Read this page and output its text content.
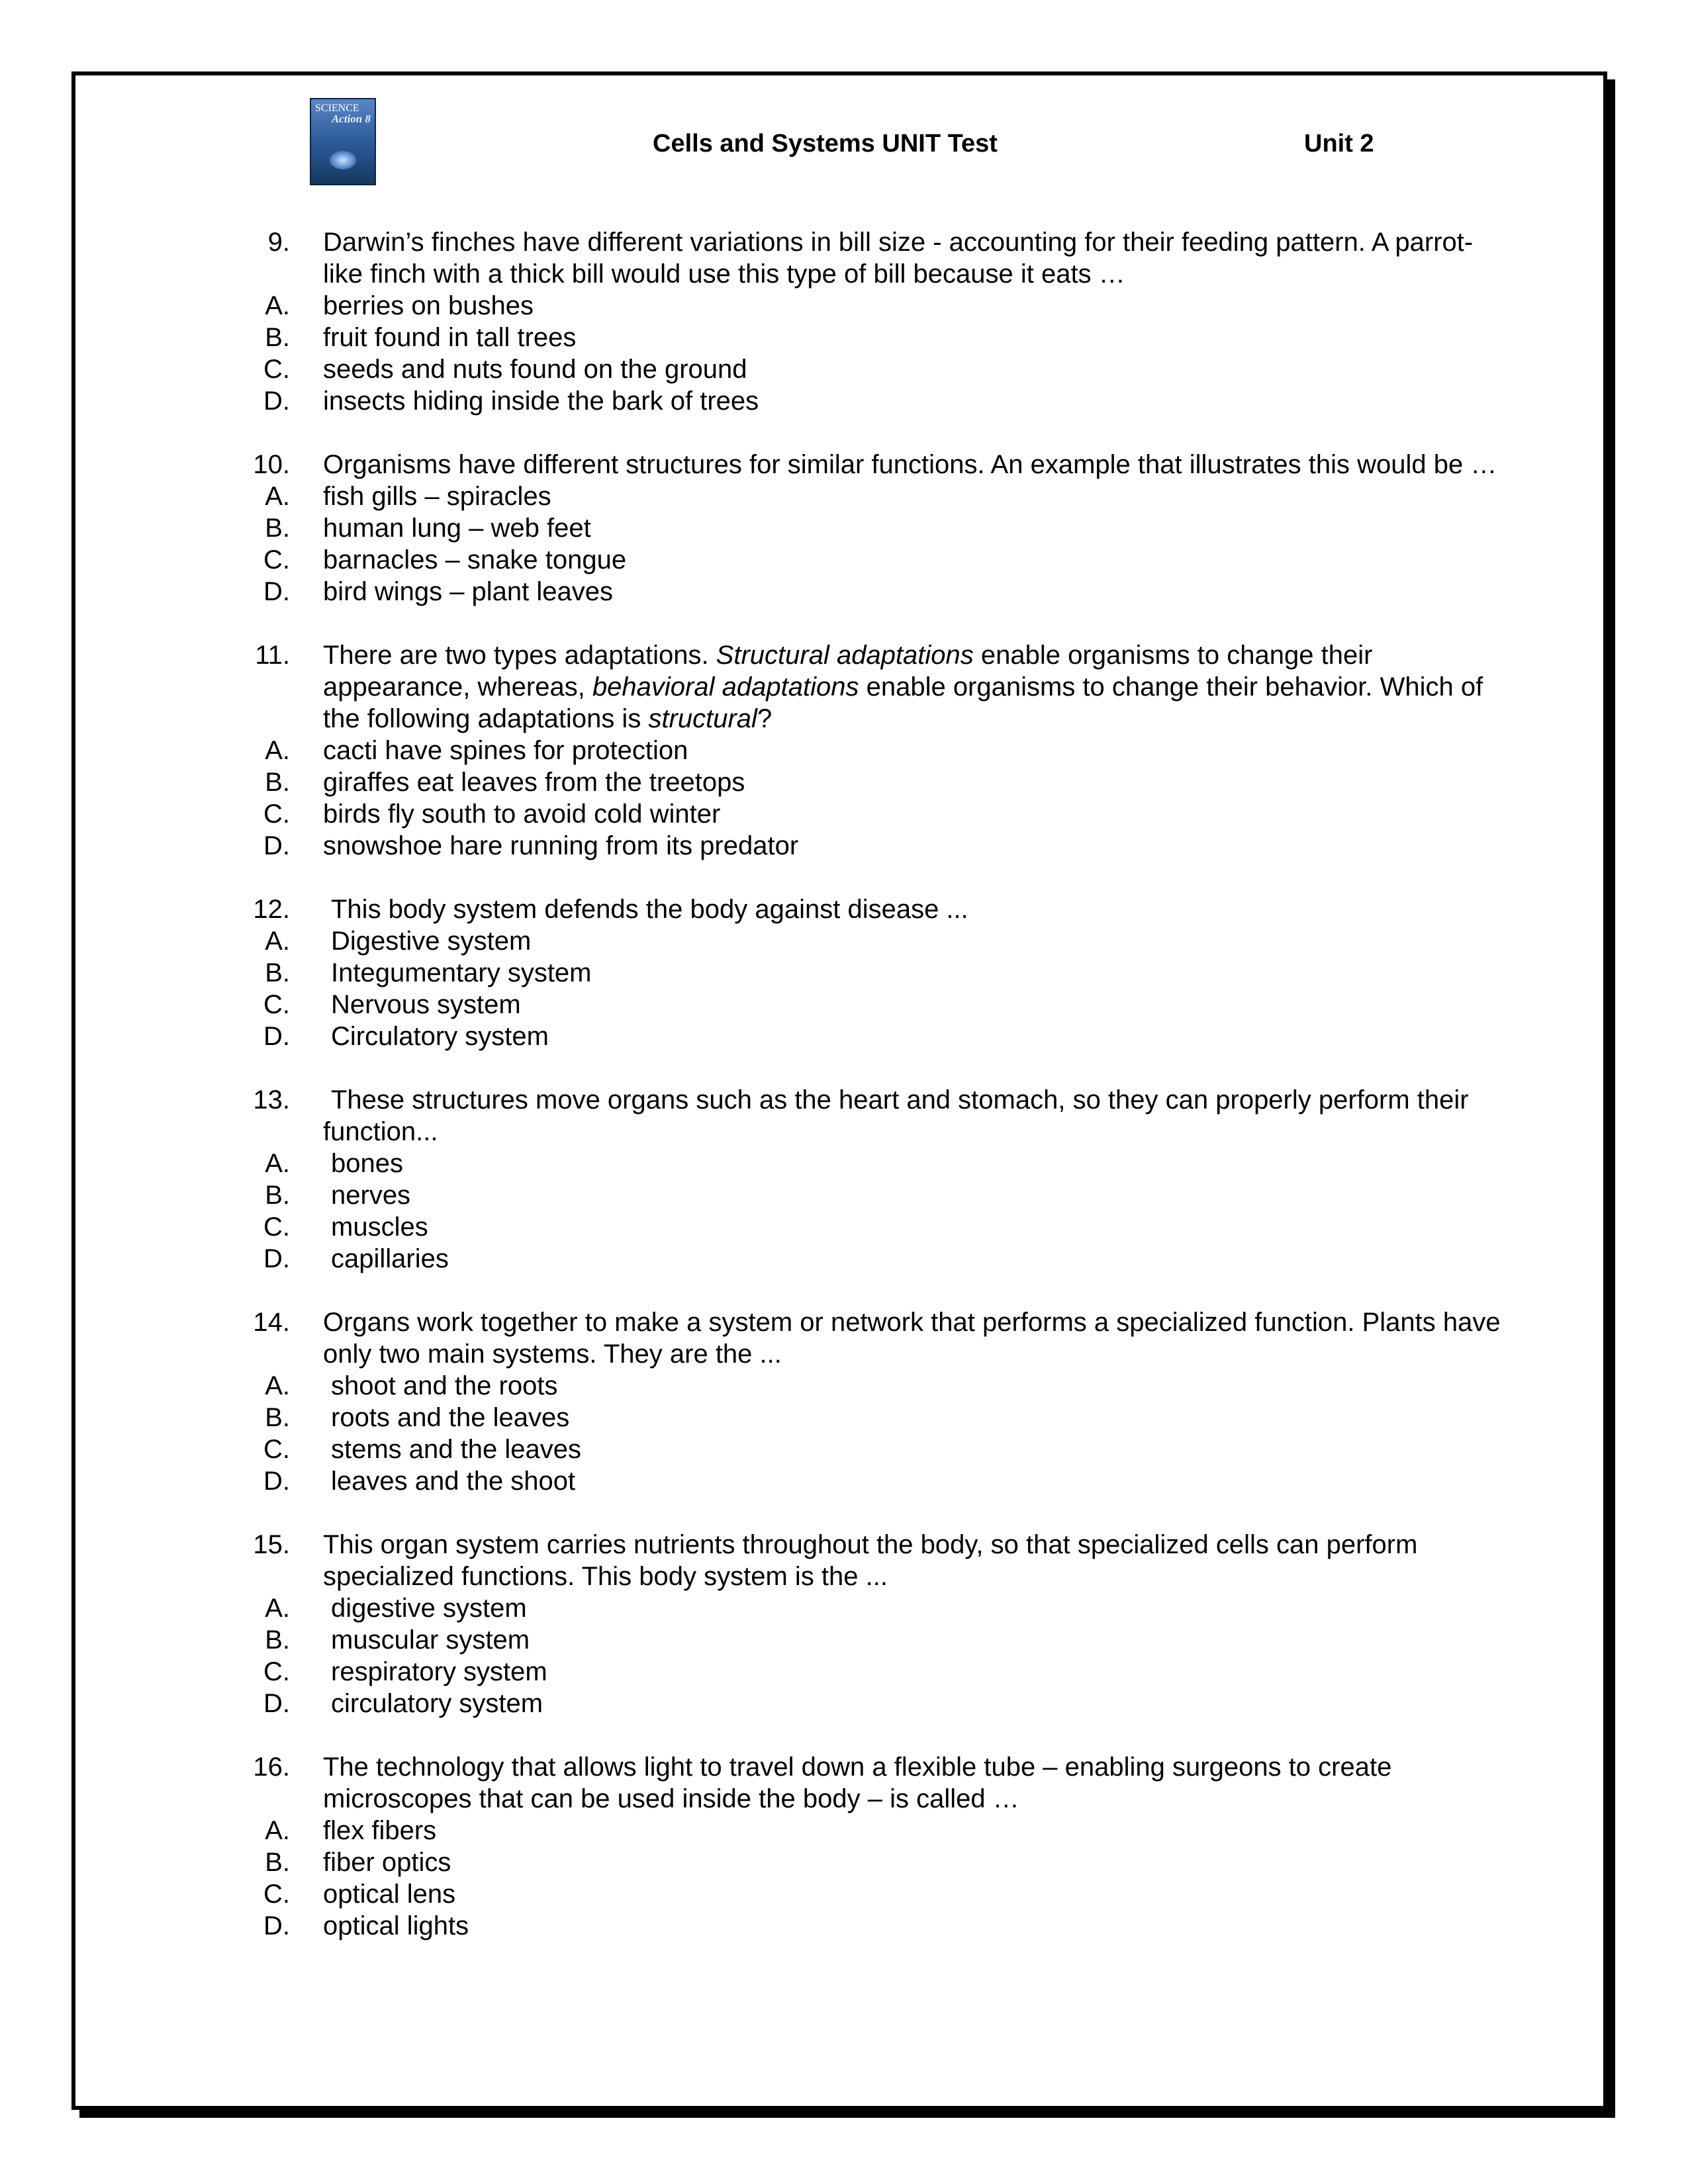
SCIENCE
Action 8
Cells and Systems UNIT Test	Unit 2
9. Darwin’s finches have different variations in bill size - accounting for their feeding pattern. A parrot-like finch with a thick bill would use this type of bill because it eats …
A. berries on bushes
B. fruit found in tall trees
C. seeds and nuts found on the ground
D. insects hiding inside the bark of trees
10. Organisms have different structures for similar functions. An example that illustrates this would be …
A. fish gills – spiracles
B. human lung – web feet
C. barnacles – snake tongue
D. bird wings – plant leaves
11. There are two types adaptations. Structural adaptations enable organisms to change their appearance, whereas, behavioral adaptations enable organisms to change their behavior. Which of the following adaptations is structural?
A. cacti have spines for protection
B. giraffes eat leaves from the treetops
C. birds fly south to avoid cold winter
D. snowshoe hare running from its predator
12. This body system defends the body against disease ...
A. Digestive system
B. Integumentary system
C. Nervous system
D. Circulatory system
13.	These structures move organs such as the heart and stomach, so they can properly perform their function...
A. bones
B. nerves
C. muscles
D. capillaries
14. Organs work together to make a system or network that performs a specialized function. Plants have only two main systems. They are the ...
A. shoot and the roots
B. roots and the leaves
C. stems and the leaves
D. leaves and the shoot
15. This organ system carries nutrients throughout the body, so that specialized cells can perform specialized functions. This body system is the ...
A. digestive system
B. muscular system
C. respiratory system
D. circulatory system
16. The technology that allows light to travel down a flexible tube – enabling surgeons to create microscopes that can be used inside the body – is called …
A. flex fibers
B. fiber optics
C. optical lens
D. optical lights
